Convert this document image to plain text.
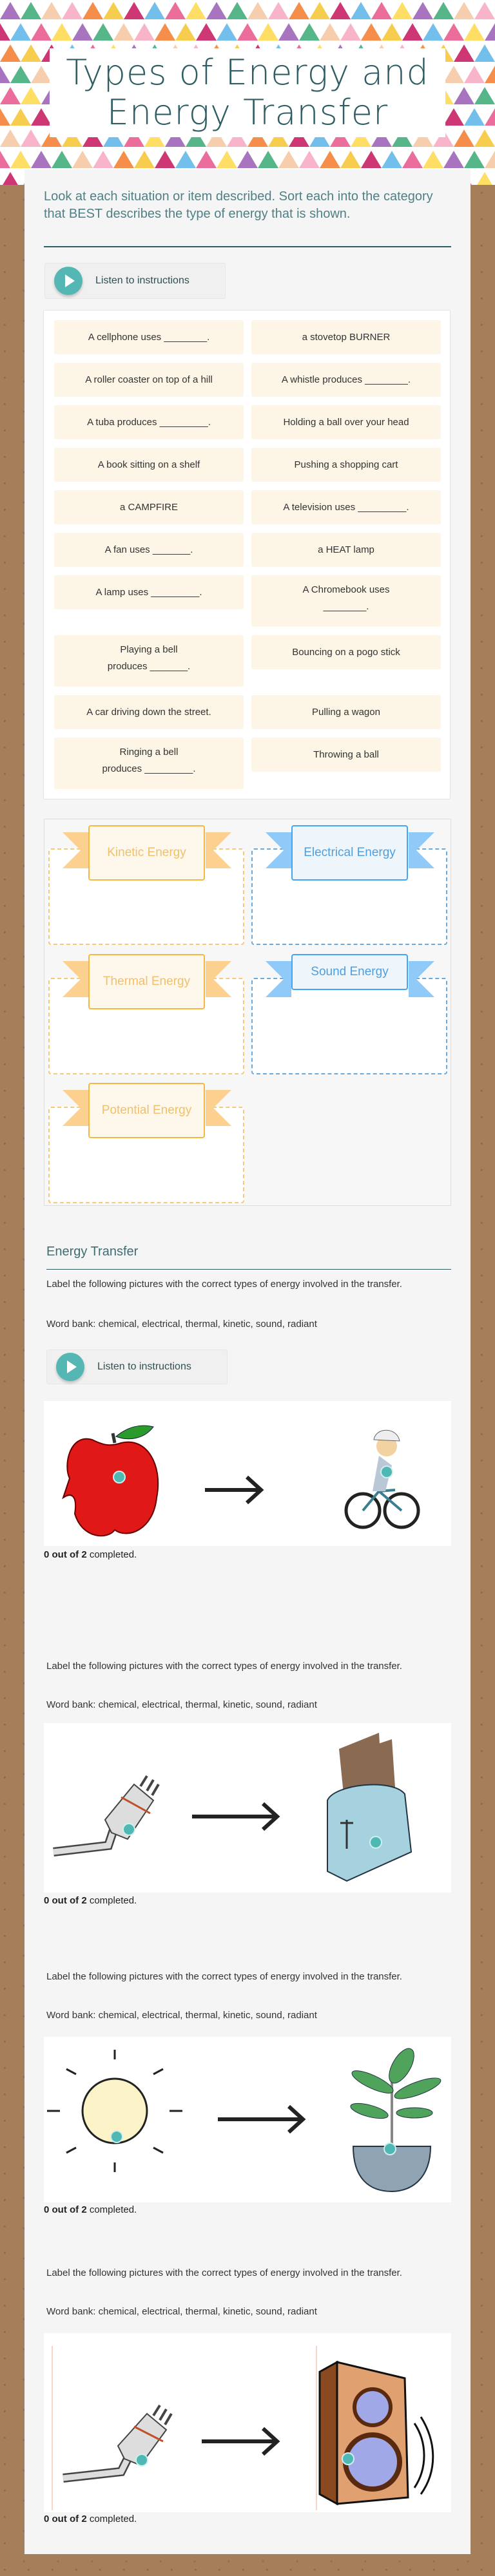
Types of Energy and
Energy Transfer
Look at each situation or item described. Sort each into the category that BEST describes the type of energy that is shown.
Listen to instructions
A cellphone uses ________.	a stovetop BURNER
A roller coaster on top of a hill	A whistle produces ________.
A tuba produces _________.	Holding a ball over your head
A book sitting on a shelf	Pushing a shopping cart
a CAMPFIRE	A television uses _________.
A fan uses _______.	a HEAT lamp
A lamp uses _________.	A Chromebook uses ________.
Playing a bell produces _______.
Bouncing on a pogo stick
A car driving down the street.	Pulling a wagon
Ringing a bell produces _________.
Throwing a ball
Kinetic Energy	Electrical Energy
Thermal Energy
Sound Energy
Potential Energy
Energy Transfer
Label the following pictures with the correct types of energy involved in the transfer.
Word bank: chemical, electrical, thermal, kinetic, sound, radiant
Listen to instructions
0 out of 2 completed.
Label the following pictures with the correct types of energy involved in the transfer.
Word bank: chemical, electrical, thermal, kinetic, sound, radiant
0 out of 2 completed.
Label the following pictures with the correct types of energy involved in the transfer.
Word bank: chemical, electrical, thermal, kinetic, sound, radiant
0 out of 2 completed.
Label the following pictures with the correct types of energy involved in the transfer.
Word bank: chemical, electrical, thermal, kinetic, sound, radiant
0 out of 2 completed.
